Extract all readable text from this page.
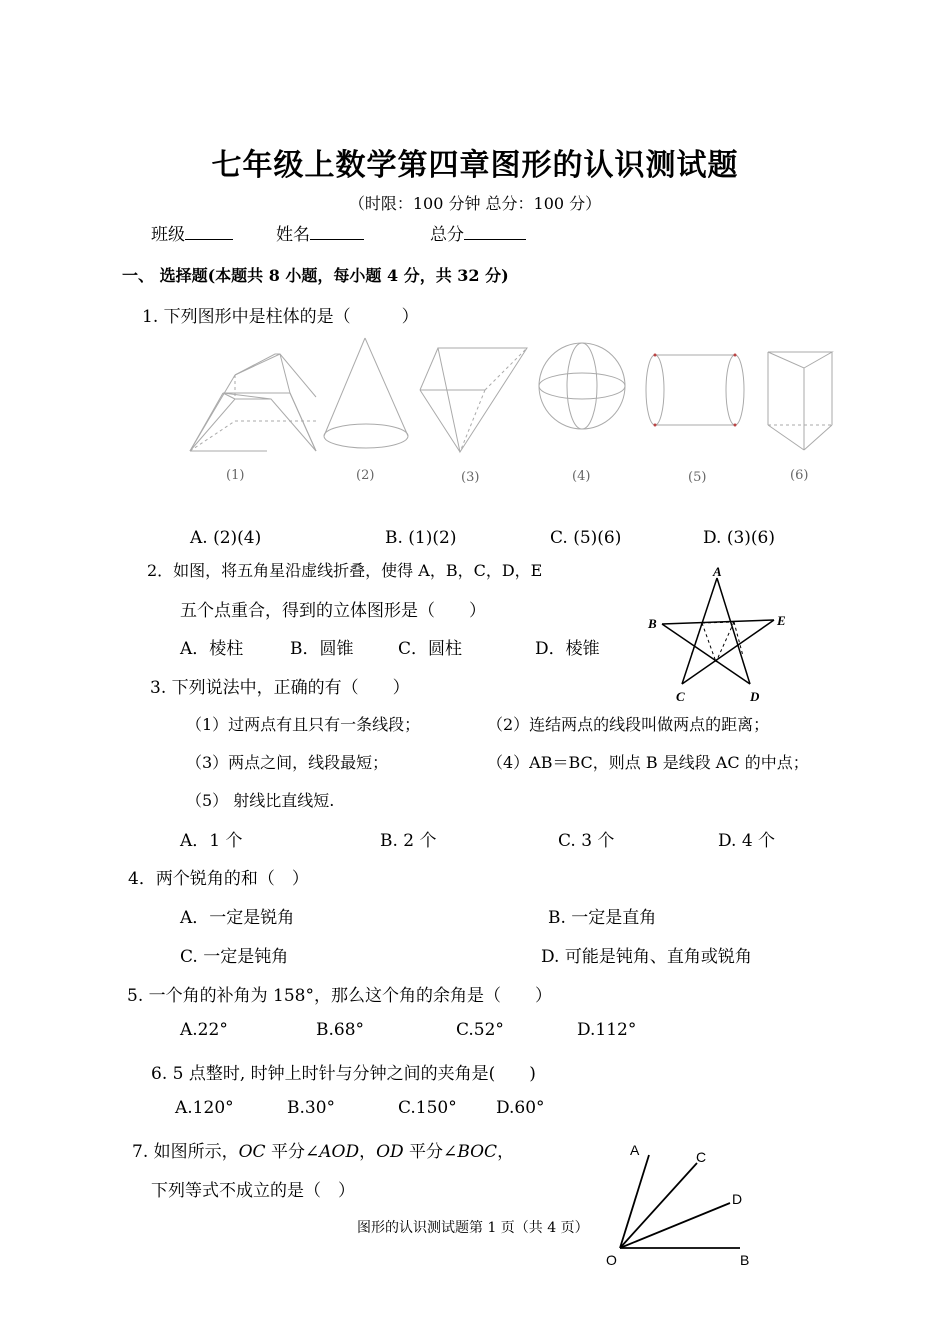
七年级上数学第四章图形的认识测试题
（时限：100 分钟 总分：100 分）
班级	姓名	总分
一、 选择题(本题共 8 小题，每小题 4 分，共 32 分)
1. 下列图形中是柱体的是（　　　）
(1)	(2)	(3)	(4)	(5)	(6)
A. (2)(4)	B. (1)(2)	C. (5)(6)	D. (3)(6)
2．如图，将五角星沿虚线折叠，使得 A，B，C，D，E
五个点重合，得到的立体图形是（　　）
A．棱柱	B．圆锥	C．圆柱	D．棱锥
A
B	E
C	D
3. 下列说法中，正确的有（　　）
（1）过两点有且只有一条线段；	（2）连结两点的线段叫做两点的距离；
（3）两点之间，线段最短；	（4）AB＝BC，则点 B 是线段 AC 的中点；
（5） 射线比直线短.
A．1 个	B. 2 个	C. 3 个	D. 4 个
4．两个锐角的和（　）
A．一定是锐角	B. 一定是直角
C. 一定是钝角	D. 可能是钝角、直角或锐角
5. 一个角的补角为 158°，那么这个角的余角是（　　）
A.22°	B.68°	C.52°	D.112°
6. 5 点整时, 时钟上时针与分钟之间的夹角是(　　)
A.120°	B.30°	C.150° D.60°
7. 如图所示，OC 平分∠AOD，OD 平分∠BOC，
下列等式不成立的是（　）
A	C
D
O	B
图形的认识测试题第 1 页（共 4 页）
